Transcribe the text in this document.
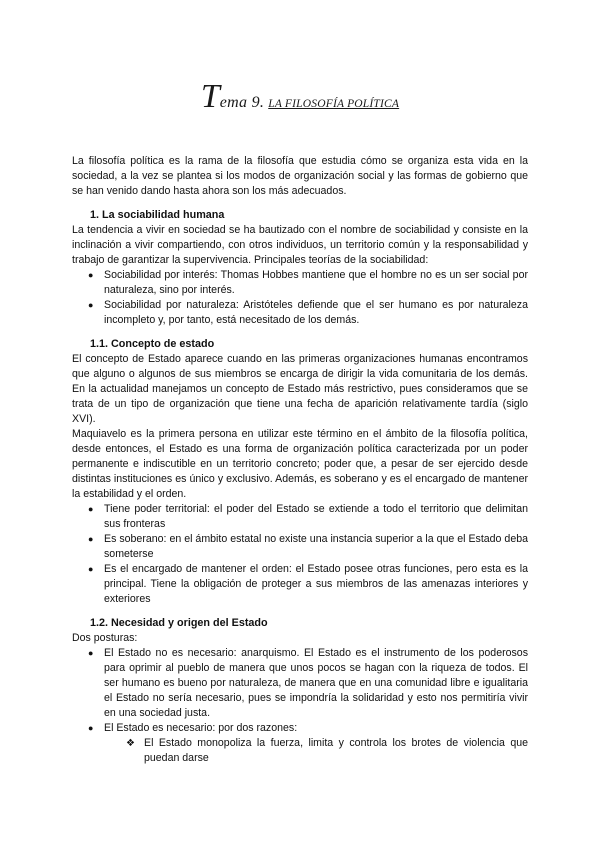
Tema 9. LA FILOSOFÍA POLÍTICA

La filosofía política es la rama de la filosofía que estudia cómo se organiza esta vida en la sociedad, a la vez se plantea si los modos de organización social y las formas de gobierno que se han venido dando hasta ahora son los más adecuados.

1. La sociabilidad humana

La tendencia a vivir en sociedad se ha bautizado con el nombre de sociabilidad y consiste en la inclinación a vivir compartiendo, con otros individuos, un territorio común y la responsabilidad y trabajo de garantizar la supervivencia. Principales teorías de la sociabilidad:

● Sociabilidad por interés: Thomas Hobbes mantiene que el hombre no es un ser social por naturaleza, sino por interés.
● Sociabilidad por naturaleza: Aristóteles defiende que el ser humano es por naturaleza incompleto y, por tanto, está necesitado de los demás.
1.1. Concepto de estado

El concepto de Estado aparece cuando en las primeras organizaciones humanas encontramos que alguno o algunos de sus miembros se encarga de dirigir la vida comunitaria de los demás. En la actualidad manejamos un concepto de Estado más restrictivo, pues consideramos que se trata de un tipo de organización que tiene una fecha de aparición relativamente tardía (siglo XVI).

Maquiavelo es la primera persona en utilizar este término en el ámbito de la filosofía política, desde entonces, el Estado es una forma de organización política caracterizada por un poder permanente e indiscutible en un territorio concreto; poder que, a pesar de ser ejercido desde distintas instituciones es único y exclusivo. Además, es soberano y es el encargado de mantener la estabilidad y el orden.

● Tiene poder territorial: el poder del Estado se extiende a todo el territorio que delimitan sus fronteras
● Es soberano: en el ámbito estatal no existe una instancia superior a la que el Estado deba someterse
● Es el encargado de mantener el orden: el Estado posee otras funciones, pero esta es la principal. Tiene la obligación de proteger a sus miembros de las amenazas interiores y exteriores
1.2. Necesidad y origen del Estado

Dos posturas:

● El Estado no es necesario: anarquismo. El Estado es el instrumento de los poderosos para oprimir al pueblo de manera que unos pocos se hagan con la riqueza de todos. El ser humano es bueno por naturaleza, de manera que en una comunidad libre e igualitaria el Estado no sería necesario, pues se impondría la solidaridad y esto nos permitiría vivir en una sociedad justa.
● El Estado es necesario: por dos razones:
❖ El Estado monopoliza la fuerza, limita y controla los brotes de violencia que puedan darse
